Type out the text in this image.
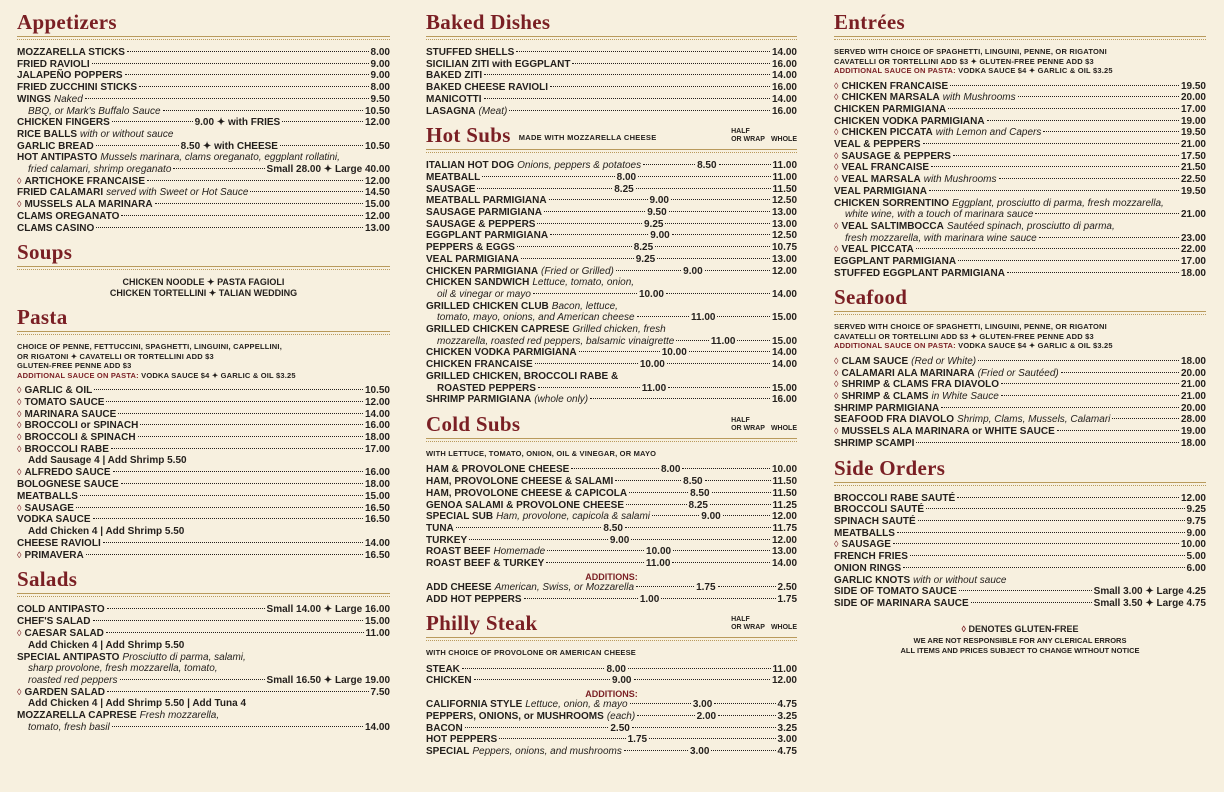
Appetizers
MOZZARELLA STICKS	8.00
FRIED RAVIOLI	9.00
JALAPEÑO POPPERS	9.00
FRIED ZUCCHINI STICKS	8.00
WINGS Naked	9.50
BBQ, or Mark's Buffalo Sauce	10.50
CHICKEN FINGERS	9.00 ✦ with FRIES	12.00
RICE BALLS with or without sauce
GARLIC BREAD	8.50 ✦ with CHEESE	10.50
HOT ANTIPASTO Mussels marinara, clams oreganato, eggplant rollatini,
fried calamari, shrimp oreganato	Small 28.00 ✦ Large 40.00
◊ ARTICHOKE FRANCAISE	12.00
FRIED CALAMARI served with Sweet or Hot Sauce	14.50
◊ MUSSELS ALA MARINARA	15.00
CLAMS OREGANATO	12.00
CLAMS CASINO	13.00
Soups
CHICKEN NOODLE ✦ PASTA FAGIOLI
CHICKEN TORTELLINI ✦ TALIAN WEDDING
Pasta
CHOICE OF PENNE, FETTUCCINI, SPAGHETTI, LINGUINI, CAPPELLINI,
OR RIGATONI ✦ CAVATELLI OR TORTELLINI ADD $3
GLUTEN-FREE PENNE ADD $3
ADDITIONAL SAUCE ON PASTA: VODKA SAUCE $4 ✦ GARLIC & OIL $3.25
◊ GARLIC & OIL	10.50
◊ TOMATO SAUCE	12.00
◊ MARINARA SAUCE	14.00
◊ BROCCOLI or SPINACH	16.00
◊ BROCCOLI & SPINACH	18.00
◊ BROCCOLI RABE	17.00
Add Sausage 4 | Add Shrimp 5.50
◊ ALFREDO SAUCE	16.00
BOLOGNESE SAUCE	18.00
MEATBALLS	15.00
◊ SAUSAGE	16.50
VODKA SAUCE	16.50
Add Chicken 4 | Add Shrimp 5.50
CHEESE RAVIOLI	14.00
◊ PRIMAVERA	16.50
Salads
COLD ANTIPASTO	Small 14.00 ✦ Large 16.00
CHEF'S SALAD	15.00
◊ CAESAR SALAD	11.00
Add Chicken 4 | Add Shrimp 5.50
SPECIAL ANTIPASTO Prosciutto di parma, salami,
sharp provolone, fresh mozzarella, tomato,
roasted red peppers	Small 16.50 ✦ Large 19.00
◊ GARDEN SALAD	7.50
Add Chicken 4 | Add Shrimp 5.50 | Add Tuna 4
MOZZARELLA CAPRESE Fresh mozzarella,
tomato, fresh basil	14.00
Baked Dishes
STUFFED SHELLS	14.00
SICILIAN ZITI with EGGPLANT	16.00
BAKED ZITI	14.00
BAKED CHEESE RAVIOLI	16.00
MANICOTTI	14.00
LASAGNA (Meat)	16.00
Hot Subs MADE WITH MOZZARELLA CHEESE
HALF
OR WRAP WHOLE
ITALIAN HOT DOG Onions, peppers & potatoes	8.50	11.00
MEATBALL	8.00	11.00
SAUSAGE	8.25	11.50
MEATBALL PARMIGIANA	9.00	12.50
SAUSAGE PARMIGIANA	9.50	13.00
SAUSAGE & PEPPERS	9.25	13.00
EGGPLANT PARMIGIANA	9.00	12.50
PEPPERS & EGGS	8.25	10.75
VEAL PARMIGIANA	9.25	13.00
CHICKEN PARMIGIANA (Fried or Grilled)	9.00	12.00
CHICKEN SANDWICH Lettuce, tomato, onion,
oil & vinegar or mayo	10.00	14.00
GRILLED CHICKEN CLUB Bacon, lettuce,
tomato, mayo, onions, and American cheese	11.00	15.00
GRILLED CHICKEN CAPRESE Grilled chicken, fresh
mozzarella, roasted red peppers, balsamic vinaigrette	11.00	15.00
CHICKEN VODKA PARMIGIANA	10.00	14.00
CHICKEN FRANCAISE	10.00	14.00
GRILLED CHICKEN, BROCCOLI RABE &
ROASTED PEPPERS	11.00	15.00
SHRIMP PARMIGIANA (whole only)	16.00
Cold Subs	HALF
OR WRAP WHOLE
WITH LETTUCE, TOMATO, ONION, OIL & VINEGAR, OR MAYO
HAM & PROVOLONE CHEESE	8.00	10.00
HAM, PROVOLONE CHEESE & SALAMI	8.50	11.50
HAM, PROVOLONE CHEESE & CAPICOLA	8.50	11.50
GENOA SALAMI & PROVOLONE CHEESE	8.25	11.25
SPECIAL SUB Ham, provolone, capicola & salami	9.00	12.00
TUNA	8.50	11.75
TURKEY	9.00	12.00
ROAST BEEF Homemade	10.00	13.00
ROAST BEEF & TURKEY	11.00	14.00
ADDITIONS:
ADD CHEESE American, Swiss, or Mozzarella	1.75	2.50
ADD HOT PEPPERS	1.00	1.75
Philly Steak	HALF
OR WRAP WHOLE
WITH CHOICE OF PROVOLONE OR AMERICAN CHEESE
STEAK	8.00	11.00
CHICKEN	9.00	12.00
ADDITIONS:
CALIFORNIA STYLE Lettuce, onion, & mayo	3.00	4.75
PEPPERS, ONIONS, or MUSHROOMS (each)	2.00	3.25
BACON	2.50	3.25
HOT PEPPERS	1.75	3.00
SPECIAL Peppers, onions, and mushrooms	3.00	4.75
Entrées
SERVED WITH CHOICE OF SPAGHETTI, LINGUINI, PENNE, OR RIGATONI
CAVATELLI OR TORTELLINI ADD $3 ✦ GLUTEN-FREE PENNE ADD $3
ADDITIONAL SAUCE ON PASTA: VODKA SAUCE $4 ✦ GARLIC & OIL $3.25
◊ CHICKEN FRANCAISE	19.50
◊ CHICKEN MARSALA with Mushrooms	20.00
CHICKEN PARMIGIANA	17.00
CHICKEN VODKA PARMIGIANA	19.00
◊ CHICKEN PICCATA with Lemon and Capers	19.50
VEAL & PEPPERS	21.00
◊ SAUSAGE & PEPPERS	17.50
◊ VEAL FRANCAISE	21.50
◊ VEAL MARSALA with Mushrooms	22.50
VEAL PARMIGIANA	19.50
CHICKEN SORRENTINO Eggplant, prosciutto di parma, fresh mozzarella,
white wine, with a touch of marinara sauce	21.00
◊ VEAL SALTIMBOCCA Sautéed spinach, prosciutto di parma,
fresh mozzarella, with marinara wine sauce	23.00
◊ VEAL PICCATA	22.00
EGGPLANT PARMIGIANA	17.00
STUFFED EGGPLANT PARMIGIANA	18.00
Seafood
SERVED WITH CHOICE OF SPAGHETTI, LINGUINI, PENNE, OR RIGATONI
CAVATELLI OR TORTELLINI ADD $3 ✦ GLUTEN-FREE PENNE ADD $3
ADDITIONAL SAUCE ON PASTA: VODKA SAUCE $4 ✦ GARLIC & OIL $3.25
◊ CLAM SAUCE (Red or White)	18.00
◊ CALAMARI ALA MARINARA (Fried or Sautéed)	20.00
◊ SHRIMP & CLAMS FRA DIAVOLO	21.00
◊ SHRIMP & CLAMS in White Sauce	21.00
SHRIMP PARMIGIANA	20.00
SEAFOOD FRA DIAVOLO Shrimp, Clams, Mussels, Calamari	28.00
◊ MUSSELS ALA MARINARA or WHITE SAUCE	19.00
SHRIMP SCAMPI	18.00
Side Orders
BROCCOLI RABE SAUTÉ	12.00
BROCCOLI SAUTÉ	9.25
SPINACH SAUTÉ	9.75
MEATBALLS	9.00
◊ SAUSAGE	10.00
FRENCH FRIES	5.00
ONION RINGS	6.00
GARLIC KNOTS with or without sauce
SIDE OF TOMATO SAUCE	Small 3.00 ✦ Large 4.25
SIDE OF MARINARA SAUCE	Small 3.50 ✦ Large 4.75
◊ DENOTES GLUTEN-FREE
WE ARE NOT RESPONSIBLE FOR ANY CLERICAL ERRORS
ALL ITEMS AND PRICES SUBJECT TO CHANGE WITHOUT NOTICE
